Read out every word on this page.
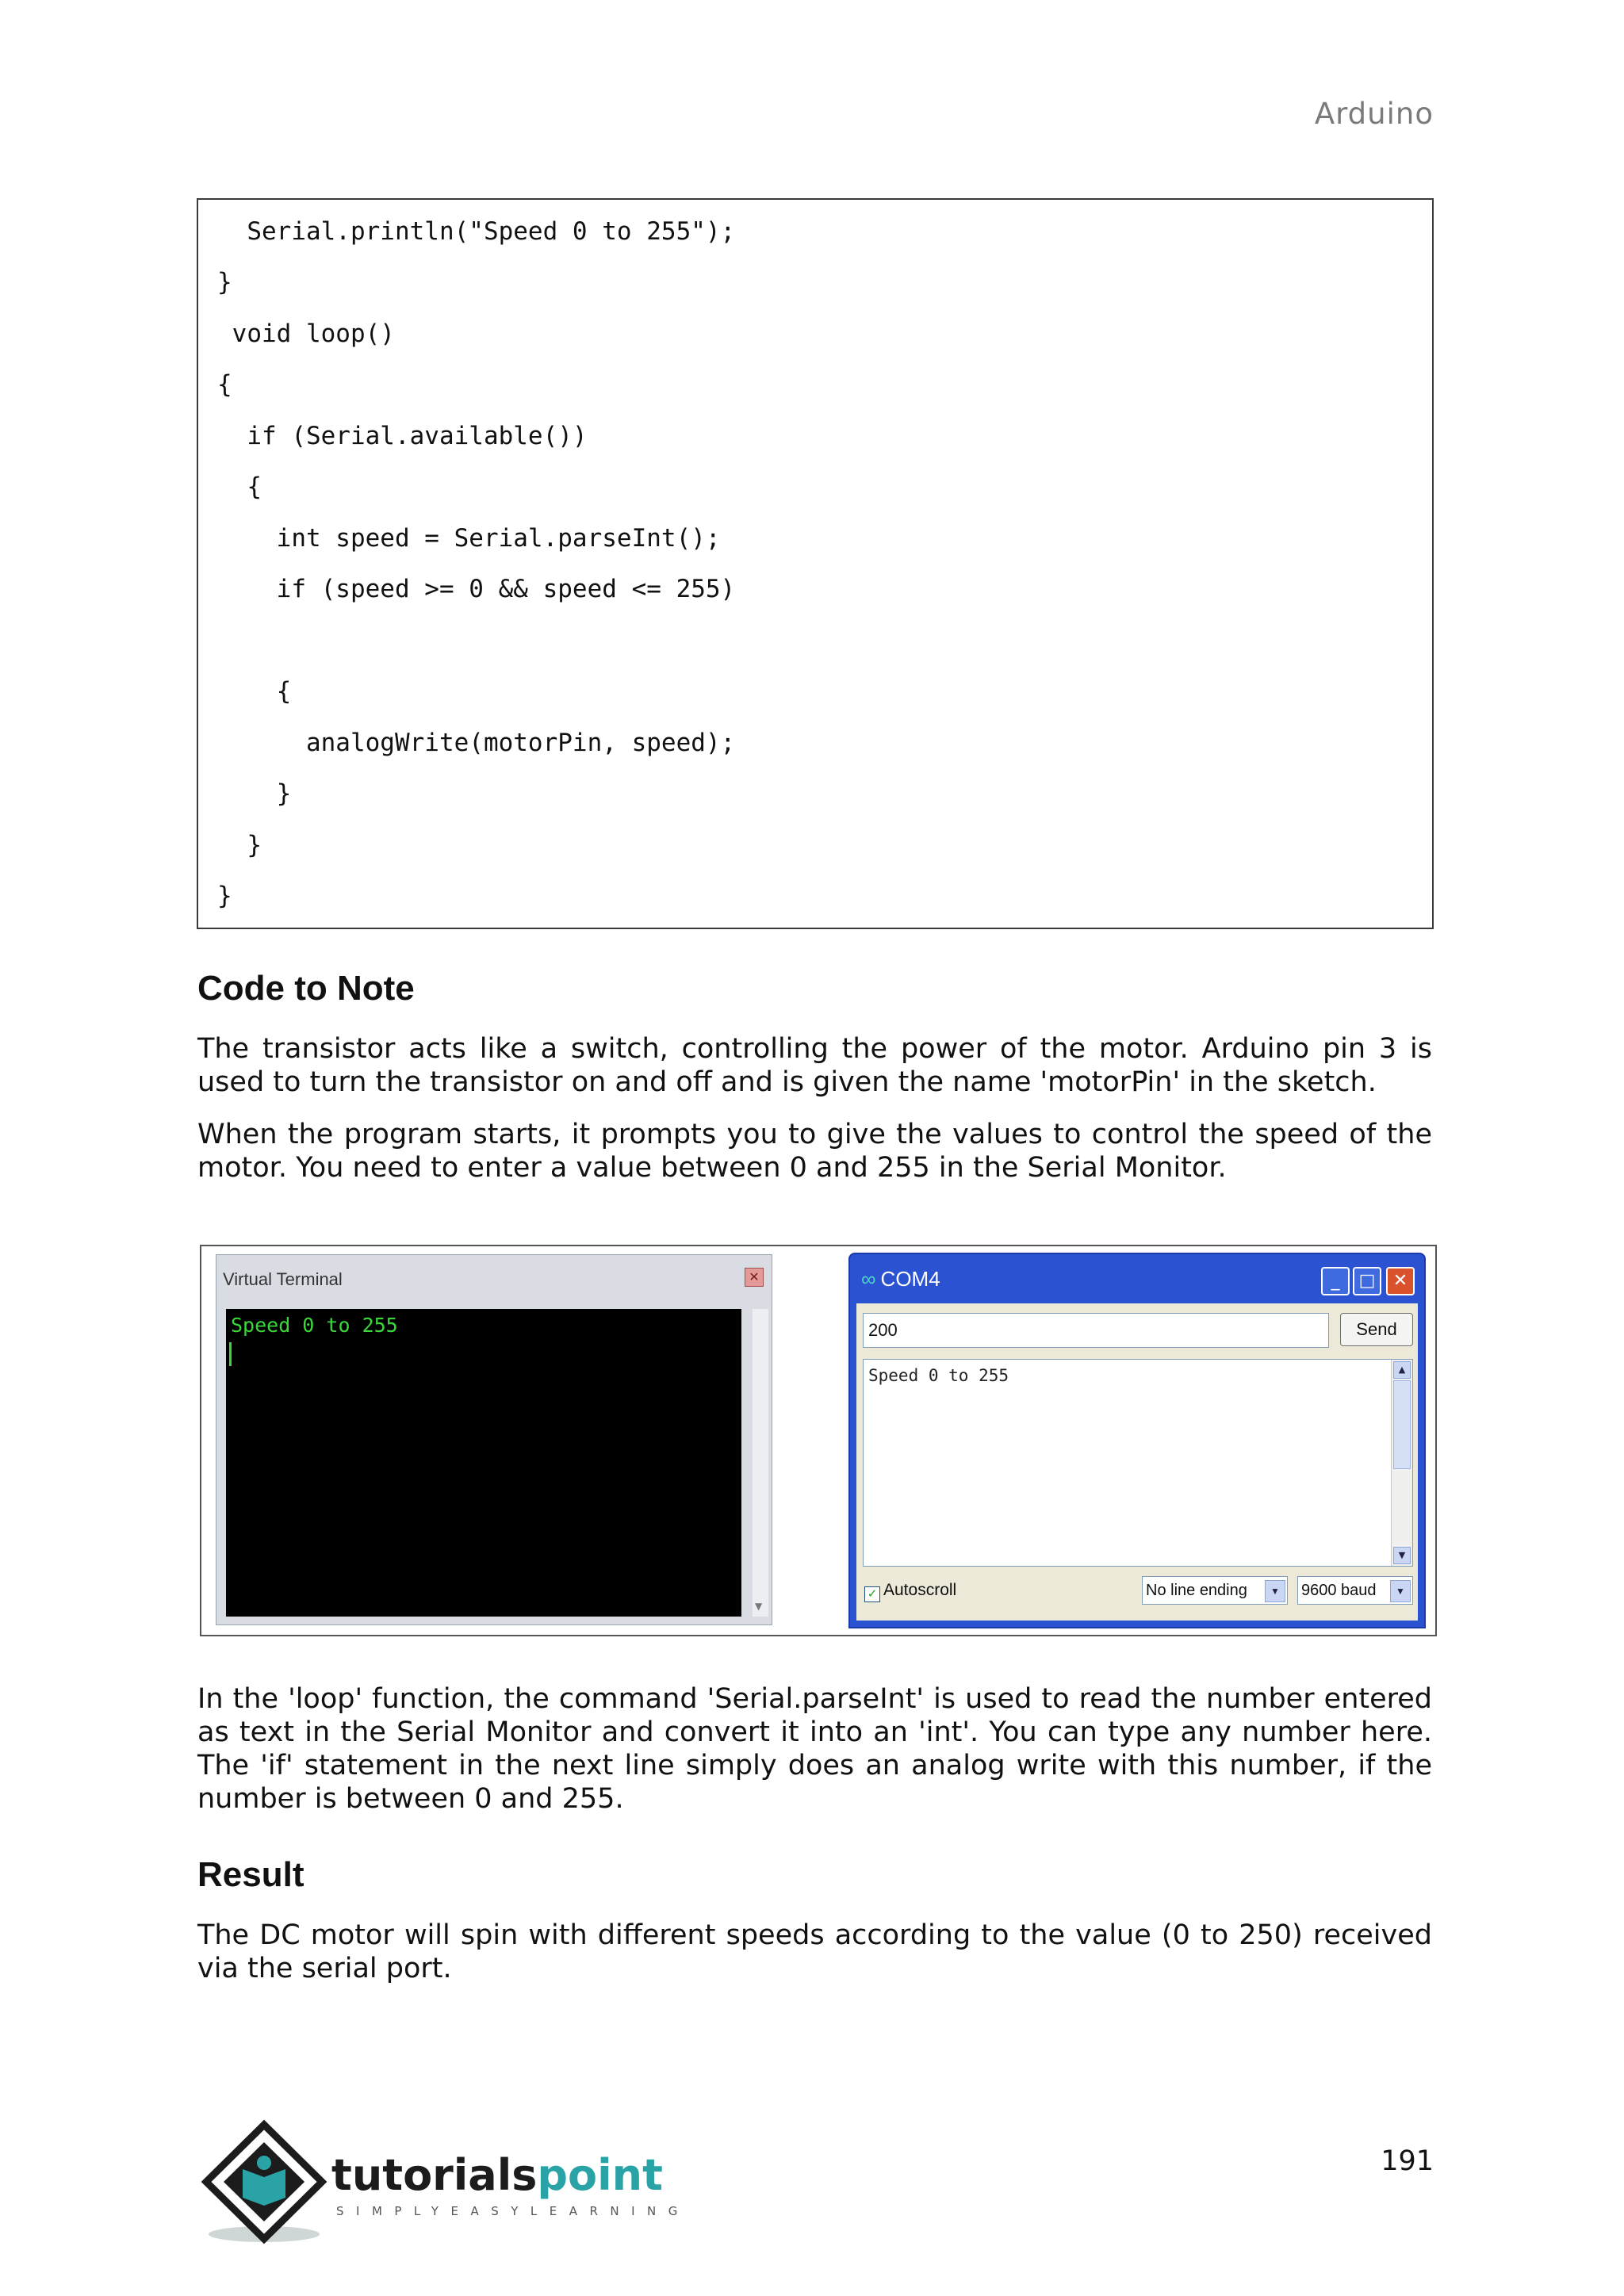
Arduino
Serial.println("Speed 0 to 255");
}
void loop()
{
if (Serial.available())
{
int speed = Serial.parseInt();
if (speed >= 0 && speed <= 255)
{
analogWrite(motorPin, speed);
}
}
}
Code to Note
The transistor acts like a switch, controlling the power of the motor. Arduino pin 3 is used to turn the transistor on and off and is given the name 'motorPin' in the sketch.
When the program starts, it prompts you to give the values to control the speed of the motor. You need to enter a value between 0 and 255 in the Serial Monitor.
Virtual Terminal	✕
Speed 0 to 255
▼
∞ COM4	_	□	✕
200	Send
Speed 0 to 255	▲
▼
✓ Autoscroll	No line ending	▼	9600 baud	▼
In the 'loop' function, the command 'Serial.parseInt' is used to read the number entered as text in the Serial Monitor and convert it into an 'int'. You can type any number here. The 'if' statement in the next line simply does an analog write with this number, if the number is between 0 and 255.
Result
The DC motor will spin with different speeds according to the value (0 to 250) received via the serial port.
tutorialspoint
SIMPLYEASYLEARNING
191
